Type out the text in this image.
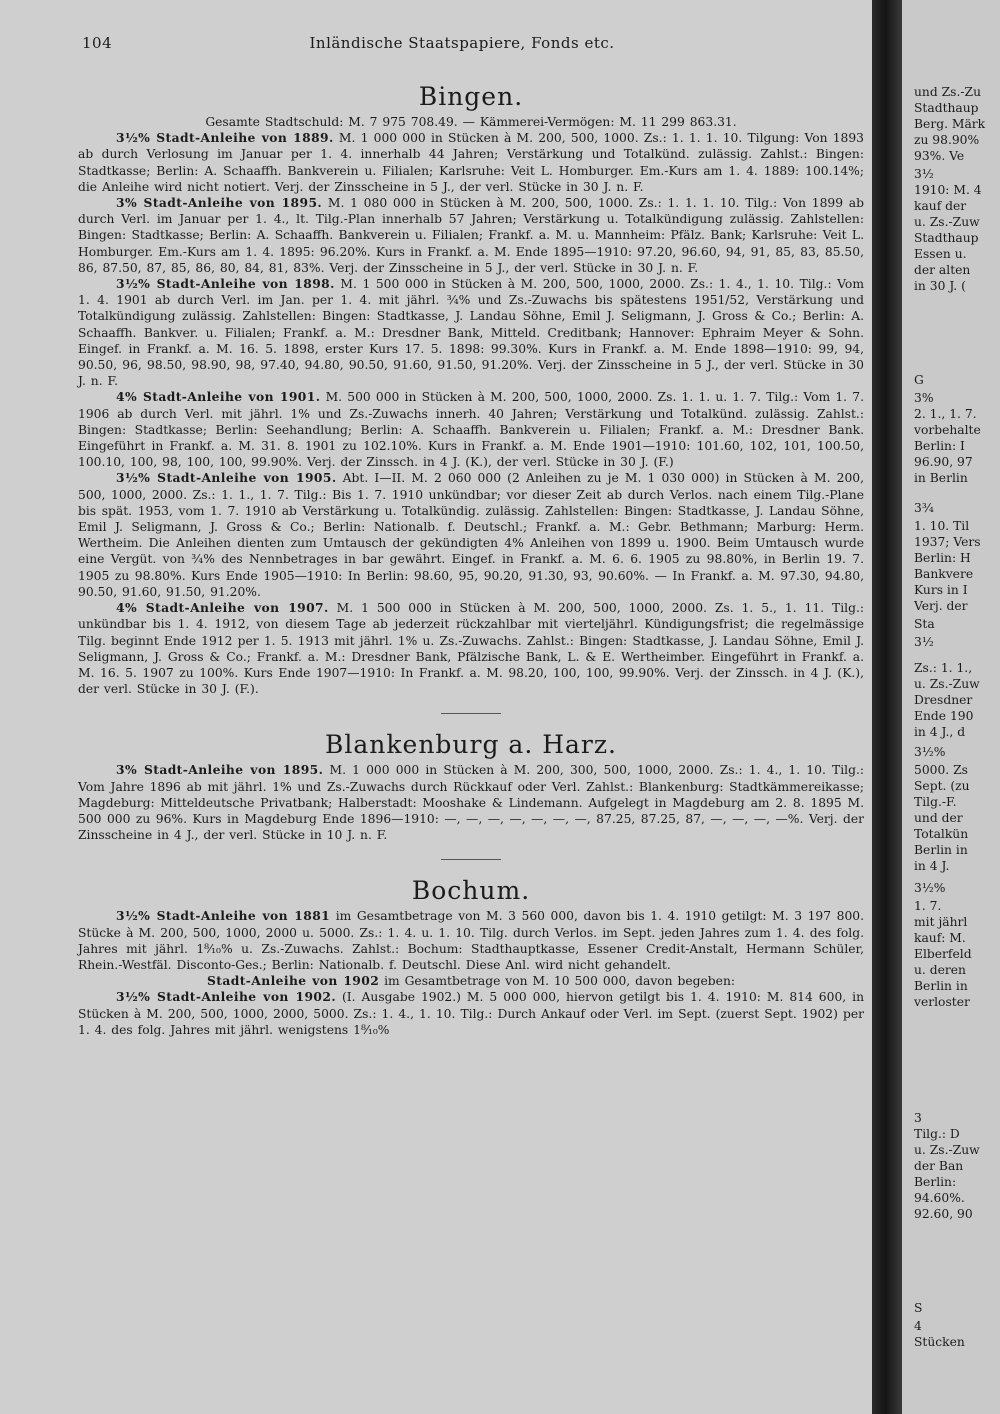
104	Inländische Staatspapiere, Fonds etc.
Bingen.

Gesamte Stadtschuld: M. 7 975 708.49. — Kämmerei-Vermögen: M. 11 299 863.31.

3½% Stadt-Anleihe von 1889. M. 1 000 000 in Stücken à M. 200, 500, 1000. Zs.: 1. 1. 1. 10. Tilgung: Von 1893 ab durch Verlosung im Januar per 1. 4. innerhalb 44 Jahren; Verstärkung und Totalkünd. zulässig. Zahlst.: Bingen: Stadtkasse; Berlin: A. Schaaffh. Bankverein u. Filialen; Karlsruhe: Veit L. Homburger. Em.-Kurs am 1. 4. 1889: 100.14%; die Anleihe wird nicht notiert. Verj. der Zinsscheine in 5 J., der verl. Stücke in 30 J. n. F.

3% Stadt-Anleihe von 1895. M. 1 080 000 in Stücken à M. 200, 500, 1000. Zs.: 1. 1. 1. 10. Tilg.: Von 1899 ab durch Verl. im Januar per 1. 4., lt. Tilg.-Plan innerhalb 57 Jahren; Verstärkung u. Totalkündigung zulässig. Zahlstellen: Bingen: Stadtkasse; Berlin: A. Schaaffh. Bankverein u. Filialen; Frankf. a. M. u. Mannheim: Pfälz. Bank; Karlsruhe: Veit L. Homburger. Em.-Kurs am 1. 4. 1895: 96.20%. Kurs in Frankf. a. M. Ende 1895—1910: 97.20, 96.60, 94, 91, 85, 83, 85.50, 86, 87.50, 87, 85, 86, 80, 84, 81, 83%. Verj. der Zinsscheine in 5 J., der verl. Stücke in 30 J. n. F.

3½% Stadt-Anleihe von 1898. M. 1 500 000 in Stücken à M. 200, 500, 1000, 2000. Zs.: 1. 4., 1. 10. Tilg.: Vom 1. 4. 1901 ab durch Verl. im Jan. per 1. 4. mit jährl. ¾% und Zs.-Zuwachs bis spätestens 1951/52, Verstärkung und Totalkündigung zulässig. Zahlstellen: Bingen: Stadtkasse, J. Landau Söhne, Emil J. Seligmann, J. Gross & Co.; Berlin: A. Schaaffh. Bankver. u. Filialen; Frankf. a. M.: Dresdner Bank, Mitteld. Creditbank; Hannover: Ephraim Meyer & Sohn. Eingef. in Frankf. a. M. 16. 5. 1898, erster Kurs 17. 5. 1898: 99.30%. Kurs in Frankf. a. M. Ende 1898—1910: 99, 94, 90.50, 96, 98.50, 98.90, 98, 97.40, 94.80, 90.50, 91.60, 91.50, 91.20%. Verj. der Zinsscheine in 5 J., der verl. Stücke in 30 J. n. F.

4% Stadt-Anleihe von 1901. M. 500 000 in Stücken à M. 200, 500, 1000, 2000. Zs. 1. 1. u. 1. 7. Tilg.: Vom 1. 7. 1906 ab durch Verl. mit jährl. 1% und Zs.-Zuwachs innerh. 40 Jahren; Verstärkung und Totalkünd. zulässig. Zahlst.: Bingen: Stadtkasse; Berlin: Seehandlung; Berlin: A. Schaaffh. Bankverein u. Filialen; Frankf. a. M.: Dresdner Bank. Eingeführt in Frankf. a. M. 31. 8. 1901 zu 102.10%. Kurs in Frankf. a. M. Ende 1901—1910: 101.60, 102, 101, 100.50, 100.10, 100, 98, 100, 100, 99.90%. Verj. der Zinssch. in 4 J. (K.), der verl. Stücke in 30 J. (F.)

3½% Stadt-Anleihe von 1905. Abt. I—II. M. 2 060 000 (2 Anleihen zu je M. 1 030 000) in Stücken à M. 200, 500, 1000, 2000. Zs.: 1. 1., 1. 7. Tilg.: Bis 1. 7. 1910 unkündbar; vor dieser Zeit ab durch Verlos. nach einem Tilg.-Plane bis spät. 1953, vom 1. 7. 1910 ab Verstärkung u. Totalkündig. zulässig. Zahlstellen: Bingen: Stadtkasse, J. Landau Söhne, Emil J. Seligmann, J. Gross & Co.; Berlin: Nationalb. f. Deutschl.; Frankf. a. M.: Gebr. Bethmann; Marburg: Herm. Wertheim. Die Anleihen dienten zum Umtausch der gekündigten 4% Anleihen von 1899 u. 1900. Beim Umtausch wurde eine Vergüt. von ¾% des Nennbetrages in bar gewährt. Eingef. in Frankf. a. M. 6. 6. 1905 zu 98.80%, in Berlin 19. 7. 1905 zu 98.80%. Kurs Ende 1905—1910: In Berlin: 98.60, 95, 90.20, 91.30, 93, 90.60%. — In Frankf. a. M. 97.30, 94.80, 90.50, 91.60, 91.50, 91.20%.

4% Stadt-Anleihe von 1907. M. 1 500 000 in Stücken à M. 200, 500, 1000, 2000. Zs. 1. 5., 1. 11. Tilg.: unkündbar bis 1. 4. 1912, von diesem Tage ab jederzeit rückzahlbar mit vierteljährl. Kündigungsfrist; die regelmässige Tilg. beginnt Ende 1912 per 1. 5. 1913 mit jährl. 1% u. Zs.-Zuwachs. Zahlst.: Bingen: Stadtkasse, J. Landau Söhne, Emil J. Seligmann, J. Gross & Co.; Frankf. a. M.: Dresdner Bank, Pfälzische Bank, L. & E. Wertheimber. Eingeführt in Frankf. a. M. 16. 5. 1907 zu 100%. Kurs Ende 1907—1910: In Frankf. a. M. 98.20, 100, 100, 99.90%. Verj. der Zinssch. in 4 J. (K.), der verl. Stücke in 30 J. (F.).

Blankenburg a. Harz.

3% Stadt-Anleihe von 1895. M. 1 000 000 in Stücken à M. 200, 300, 500, 1000, 2000. Zs.: 1. 4., 1. 10. Tilg.: Vom Jahre 1896 ab mit jährl. 1% und Zs.-Zuwachs durch Rückkauf oder Verl. Zahlst.: Blankenburg: Stadtkämmereikasse; Magdeburg: Mitteldeutsche Privatbank; Halberstadt: Mooshake & Lindemann. Aufgelegt in Magdeburg am 2. 8. 1895 M. 500 000 zu 96%. Kurs in Magdeburg Ende 1896—1910: —, —, —, —, —, —, —, 87.25, 87.25, 87, —, —, —, —%. Verj. der Zinsscheine in 4 J., der verl. Stücke in 10 J. n. F.

Bochum.

3½% Stadt-Anleihe von 1881 im Gesamtbetrage von M. 3 560 000, davon bis 1. 4. 1910 getilgt: M. 3 197 800. Stücke à M. 200, 500, 1000, 2000 u. 5000. Zs.: 1. 4. u. 1. 10. Tilg. durch Verlos. im Sept. jeden Jahres zum 1. 4. des folg. Jahres mit jährl. 1⁸⁄₁₀% u. Zs.-Zuwachs. Zahlst.: Bochum: Stadthauptkasse, Essener Credit-Anstalt, Hermann Schüler, Rhein.-Westfäl. Disconto-Ges.; Berlin: Nationalb. f. Deutschl. Diese Anl. wird nicht gehandelt.

Stadt-Anleihe von 1902 im Gesamtbetrage von M. 10 500 000, davon begeben:

3½% Stadt-Anleihe von 1902. (I. Ausgabe 1902.) M. 5 000 000, hiervon getilgt bis 1. 4. 1910: M. 814 600, in Stücken à M. 200, 500, 1000, 2000, 5000. Zs.: 1. 4., 1. 10. Tilg.: Durch Ankauf oder Verl. im Sept. (zuerst Sept. 1902) per 1. 4. des folg. Jahres mit jährl. wenigstens 1⁸⁄₁₀%

und Zs.-Zu
Stadthaup
Berg. Märk
zu 98.90%
93%. Ve
3½
1910: M. 4
kauf der
u. Zs.-Zuw
Stadthaup
Essen u.
der alten
in 30 J. (
G
3%
2. 1., 1. 7.
vorbehalte
Berlin: I
96.90, 97
in Berlin
3¾
1. 10. Til
1937; Vers
Berlin: H
Bankvere
Kurs in I
Verj. der
Sta
3½
Zs.: 1. 1.,
u. Zs.-Zuw
Dresdner
Ende 190
in 4 J., d
3½%
5000. Zs
Sept. (zu
Tilg.-F.
und der
Totalkün
Berlin in
in 4 J.
3½%
1. 7.
mit jährl
kauf: M.
Elberfeld
u. deren
Berlin in
verloster
3
Tilg.: D
u. Zs.-Zuw
der Ban
Berlin:
94.60%.
92.60, 90
S
4
Stücken
